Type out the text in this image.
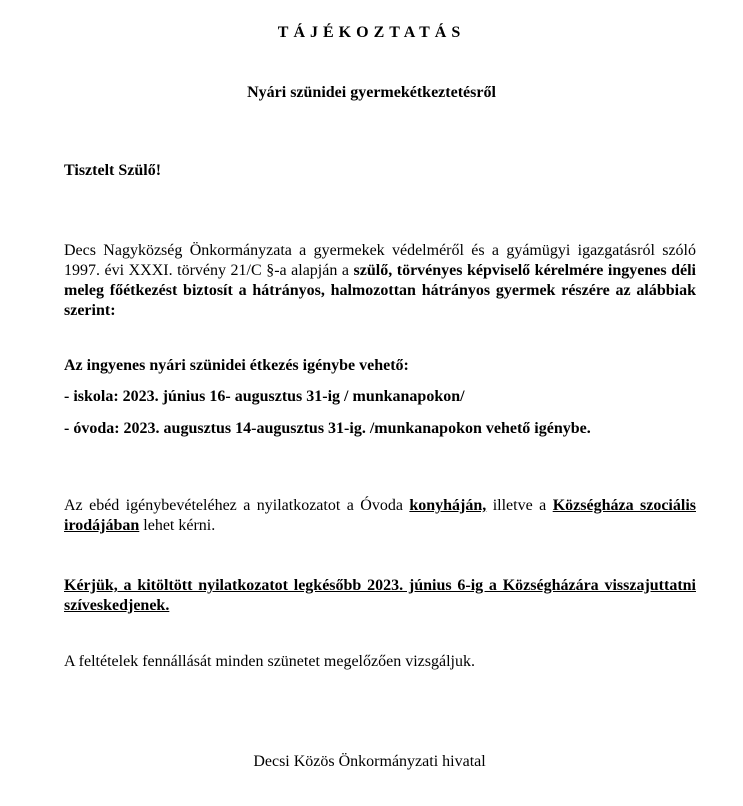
TÁJÉKOZTATÁS
Nyári szünidei gyermekétkeztetésről
Tisztelt Szülő!
Decs Nagyközség Önkormányzata a gyermekek védelméről és a gyámügyi igazgatásról szóló 1997. évi XXXI. törvény 21/C §-a alapján a szülő, törvényes képviselő kérelmére ingyenes déli meleg főétkezést biztosít a hátrányos, halmozottan hátrányos gyermek részére az alábbiak szerint:
Az ingyenes nyári szünidei étkezés igénybe vehető:
- iskola: 2023. június 16- augusztus 31-ig / munkanapokon/
- óvoda: 2023. augusztus 14-augusztus 31-ig. /munkanapokon vehető igénybe.
Az ebéd igénybevételéhez a nyilatkozatot a Óvoda konyháján, illetve a Községháza szociális irodájában lehet kérni.
Kérjük, a kitöltött nyilatkozatot legkésőbb 2023. június 6-ig a Községházára visszajuttatni szíveskedjenek.
A feltételek fennállását minden szünetet megelőzően vizsgáljuk.
Decsi Közös Önkormányzati hivatal
